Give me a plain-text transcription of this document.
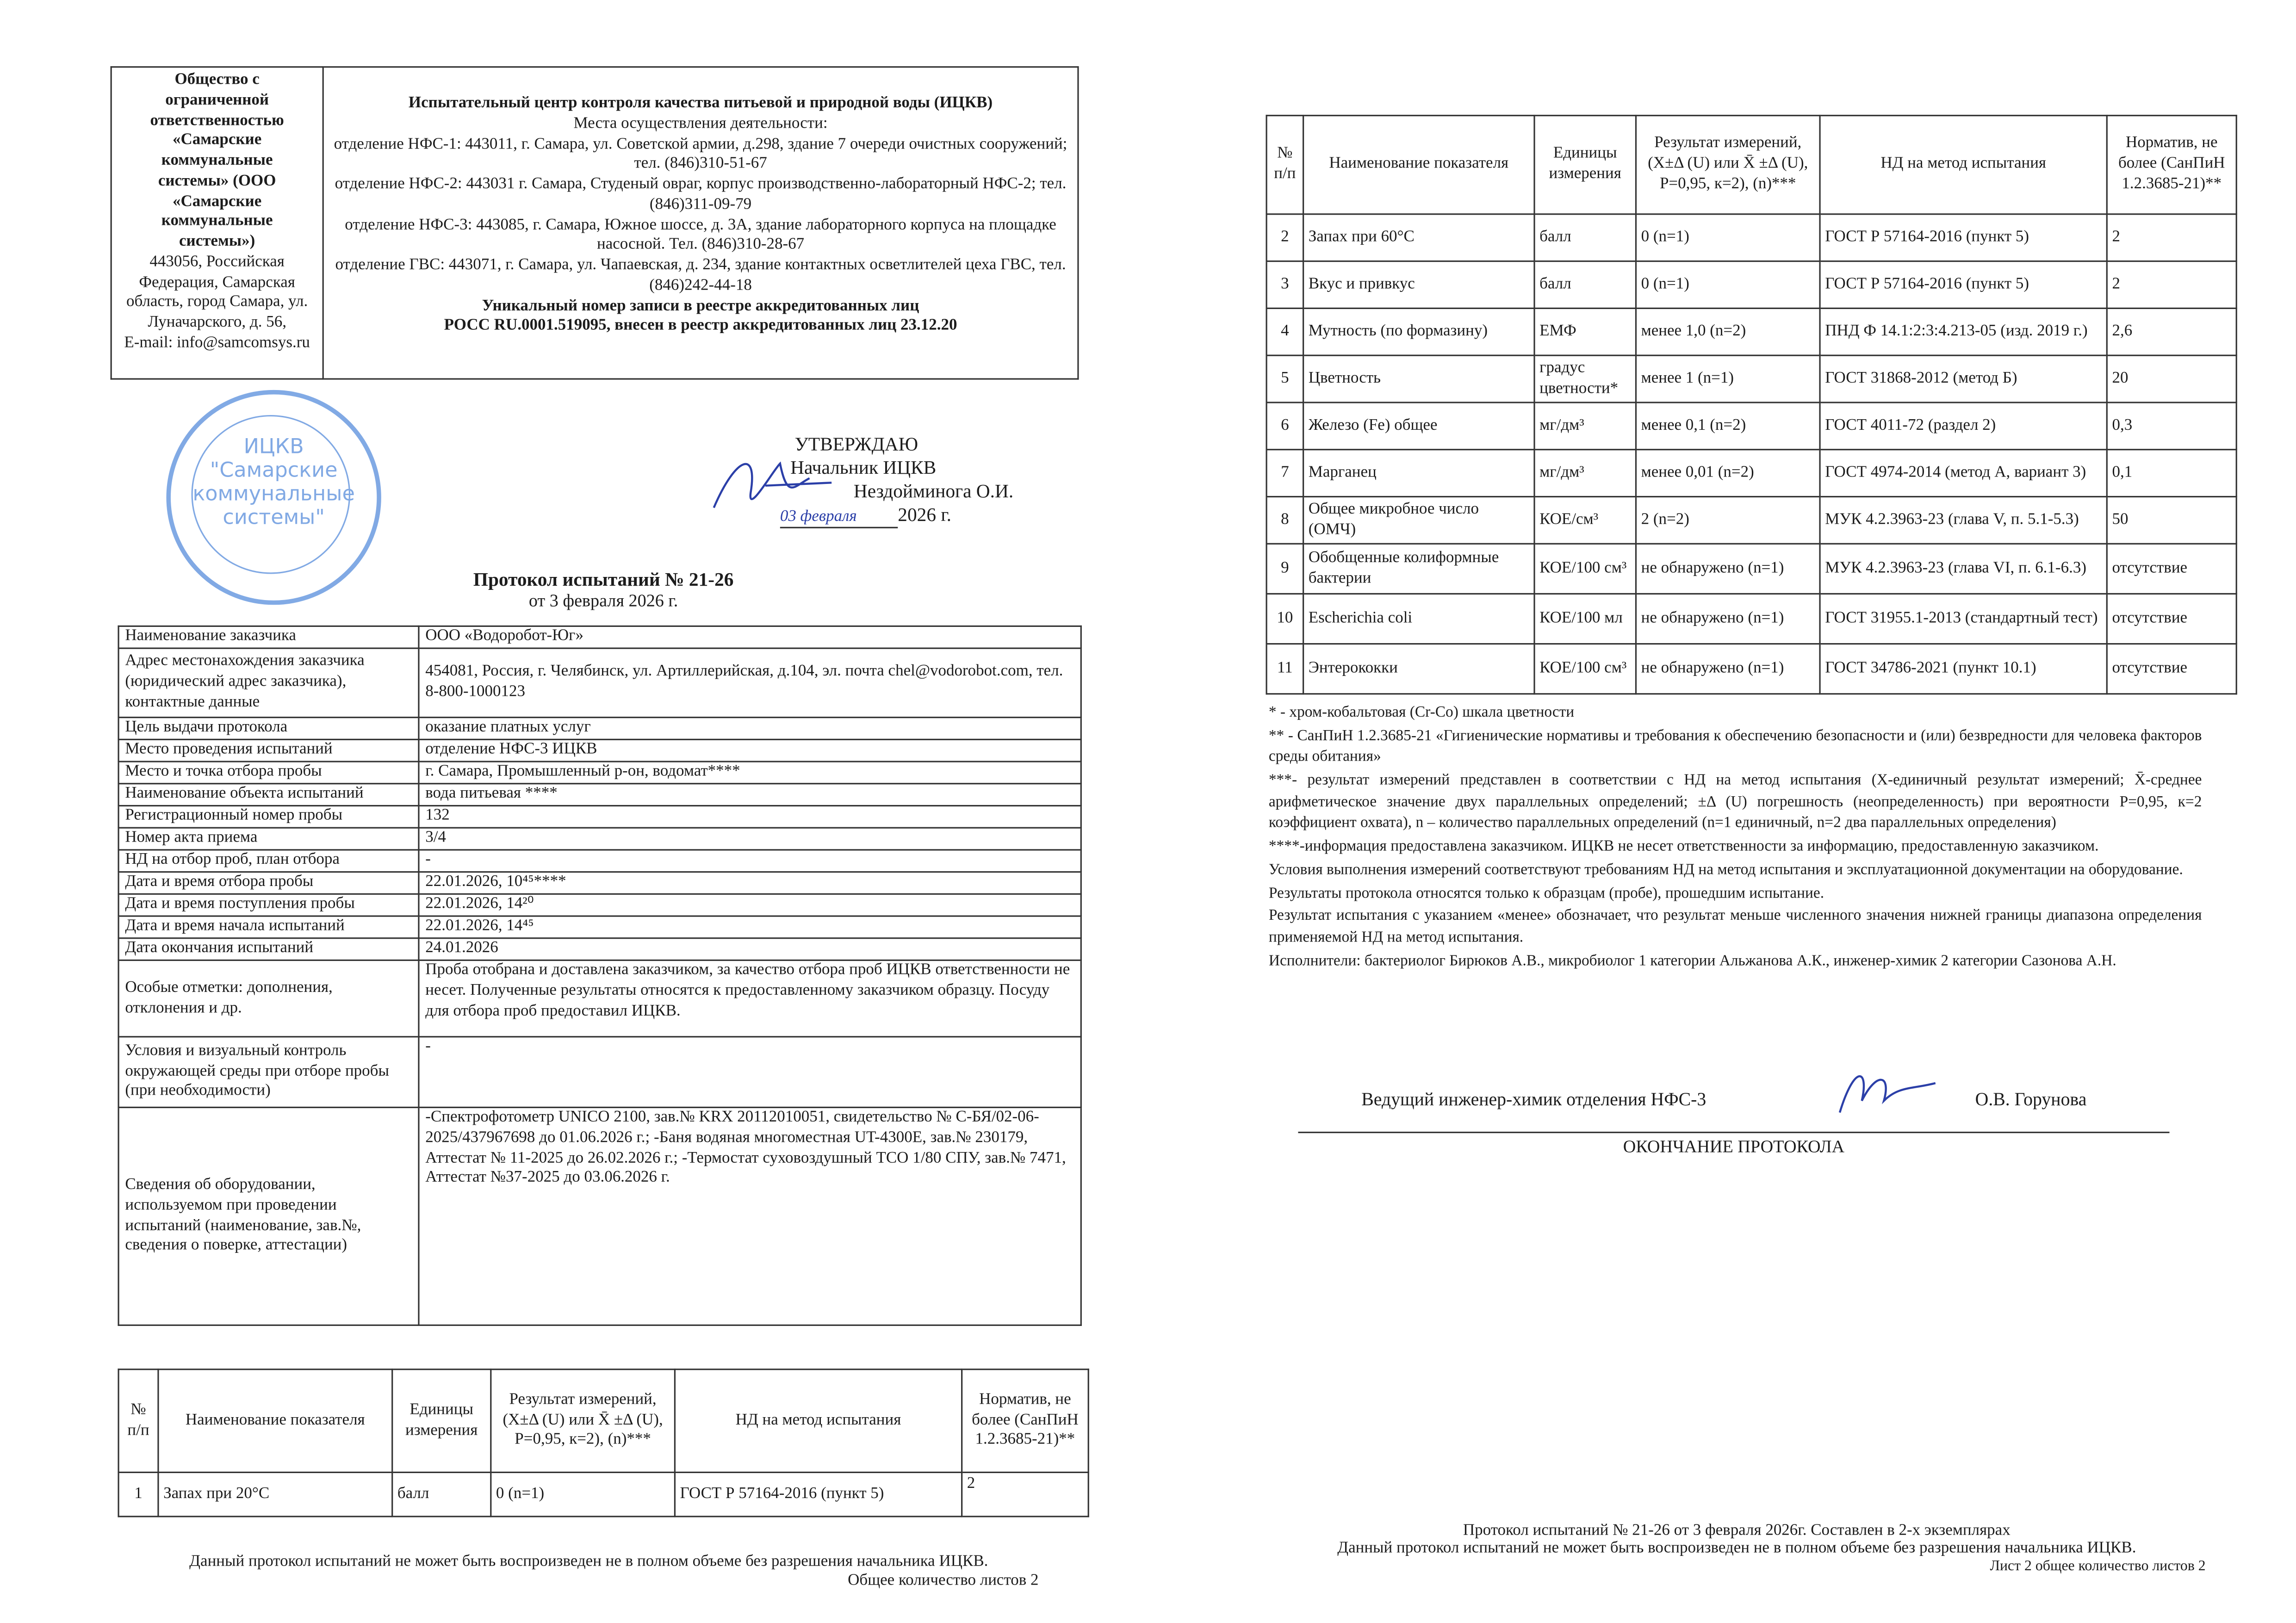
Общество с
ограниченной
ответственностью
«Самарские
коммунальные
системы» (ООО
«Самарские
коммунальные
системы»)
443056, Российская Федерация, Самарская область, город Самара, ул. Луначарского, д. 56,
E-mail: info@samcomsys.ru

Испытательный центр контроля качества питьевой и природной воды (ИЦКВ)
Места осуществления деятельности:
отделение НФС-1: 443011, г. Самара, ул. Советской армии, д.298, здание 7 очереди очистных сооружений; тел. (846)310-51-67
отделение НФС-2: 443031 г. Самара, Студеный овраг, корпус производственно-лабораторный НФС-2; тел. (846)311-09-79
отделение НФС-3: 443085, г. Самара, Южное шоссе, д. 3А, здание лабораторного корпуса на площадке насосной. Тел. (846)310-28-67
отделение ГВС: 443071, г. Самара, ул. Чапаевская, д. 234, здание контактных осветлителей цеха ГВС, тел. (846)242-44-18
Уникальный номер записи в реестре аккредитованных лиц
РОСС RU.0001.519095, внесен в реестр аккредитованных лиц 23.12.20
ИЦКВ
"Самарские
коммунальные
системы"
УТВЕРЖДАЮ
Начальник ИЦКВ
Нездойминога О.И.
03 февраля	2026 г.
Протокол испытаний № 21-26
от 3 февраля 2026 г.
Наименование заказчика	ООО «Водоробот-Юг»
Адрес местонахождения заказчика (юридический адрес заказчика), контактные данные	454081, Россия, г. Челябинск, ул. Артиллерийская, д.104, эл. почта chel@vodorobot.com, тел. 8-800-1000123
Цель выдачи протокола	оказание платных услуг
Место проведения испытаний	отделение НФС-3 ИЦКВ
Место и точка отбора пробы	г. Самара, Промышленный р-он, водомат****
Наименование объекта испытаний	вода питьевая ****
Регистрационный номер пробы	132
Номер акта приема	3/4
НД на отбор проб, план отбора	-
Дата и время отбора пробы	22.01.2026, 10⁴⁵****
Дата и время поступления пробы	22.01.2026, 14²⁰
Дата и время начала испытаний	22.01.2026, 14⁴⁵
Дата окончания испытаний	24.01.2026
Особые отметки: дополнения, отклонения и др.	Проба отобрана и доставлена заказчиком, за качество отбора проб ИЦКВ ответственности не несет. Полученные результаты относятся к предоставленному заказчиком образцу. Посуду для отбора проб предоставил ИЦКВ.
Условия и визуальный контроль окружающей среды при отборе пробы (при необходимости)	-
Сведения об оборудовании, используемом при проведении испытаний (наименование, зав.№, сведения о поверке, аттестации)	-Спектрофотометр UNICO 2100, зав.№ KRX 20112010051, свидетельство № С-БЯ/02-06-2025/437967698 до 01.06.2026 г.; -Баня водяная многоместная UT-4300E, зав.№ 230179, Аттестат № 11-2025 до 26.02.2026 г.; -Термостат суховоздушный ТСО 1/80 СПУ, зав.№ 7471, Аттестат №37-2025 до 03.06.2026 г.
№ п/п	Наименование показателя	Единицы измерения	Результат измерений, (X±Δ (U) или X̄ ±Δ (U), P=0,95, к=2), (n)***	НД на метод испытания	Норматив, не более (СанПиН 1.2.3685-21)**
1	Запах при 20°С	балл	0 (n=1)	ГОСТ Р 57164-2016 (пункт 5)	2
Данный протокол испытаний не может быть воспроизведен не в полном объеме без разрешения начальника ИЦКВ.
Общее количество листов 2
№ п/п	Наименование показателя	Единицы измерения	Результат измерений, (X±Δ (U) или X̄ ±Δ (U), P=0,95, к=2), (n)***	НД на метод испытания	Норматив, не более (СанПиН 1.2.3685-21)**
2	Запах при 60°С	балл	0 (n=1)	ГОСТ Р 57164-2016 (пункт 5)	2
3	Вкус и привкус	балл	0 (n=1)	ГОСТ Р 57164-2016 (пункт 5)	2
4	Мутность (по формазину)	ЕМФ	менее 1,0 (n=2)	ПНД Ф 14.1:2:3:4.213-05 (изд. 2019 г.)	2,6
5	Цветность	градус цветности*	менее 1 (n=1)	ГОСТ 31868-2012 (метод Б)	20
6	Железо (Fe) общее	мг/дм³	менее 0,1 (n=2)	ГОСТ 4011-72 (раздел 2)	0,3
7	Марганец	мг/дм³	менее 0,01 (n=2)	ГОСТ 4974-2014 (метод А, вариант 3)	0,1
8	Общее микробное число (ОМЧ)	КОЕ/см³	2 (n=2)	МУК 4.2.3963-23 (глава V, п. 5.1-5.3)	50
9	Обобщенные колиформные бактерии	КОЕ/100 см³	не обнаружено (n=1)	МУК 4.2.3963-23 (глава VI, п. 6.1-6.3)	отсутствие
10	Escherichia coli	КОЕ/100 мл	не обнаружено (n=1)	ГОСТ 31955.1-2013 (стандартный тест)	отсутствие
11	Энтерококки	КОЕ/100 см³	не обнаружено (n=1)	ГОСТ 34786-2021 (пункт 10.1)	отсутствие

* - хром-кобальтовая (Cr-Co) шкала цветности

** - СанПиН 1.2.3685-21 «Гигиенические нормативы и требования к обеспечению безопасности и (или) безвредности для человека факторов среды обитания»

***- результат измерений представлен в соответствии с НД на метод испытания (X-единичный результат измерений; X̄-среднее арифметическое значение двух параллельных определений; ±Δ (U) погрешность (неопределенность) при вероятности P=0,95, к=2 коэффициент охвата), n – количество параллельных определений (n=1 единичный, n=2 два параллельных определения)

****-информация предоставлена заказчиком. ИЦКВ не несет ответственности за информацию, предоставленную заказчиком.

Условия выполнения измерений соответствуют требованиям НД на метод испытания и эксплуатационной документации на оборудование.

Результаты протокола относятся только к образцам (пробе), прошедшим испытание.

Результат испытания с указанием «менее» обозначает, что результат меньше численного значения нижней границы диапазона определения применяемой НД на метод испытания.

Исполнители: бактериолог Бирюков А.В., микробиолог 1 категории Альжанова А.К., инженер-химик 2 категории Сазонова А.Н.

Ведущий инженер-химик отделения НФС-3	О.В. Горунова
ОКОНЧАНИЕ ПРОТОКОЛА
Протокол испытаний № 21-26 от 3 февраля 2026г. Составлен в 2-х экземплярах
Данный протокол испытаний не может быть воспроизведен не в полном объеме без разрешения начальника ИЦКВ.
Лист 2 общее количество листов 2
